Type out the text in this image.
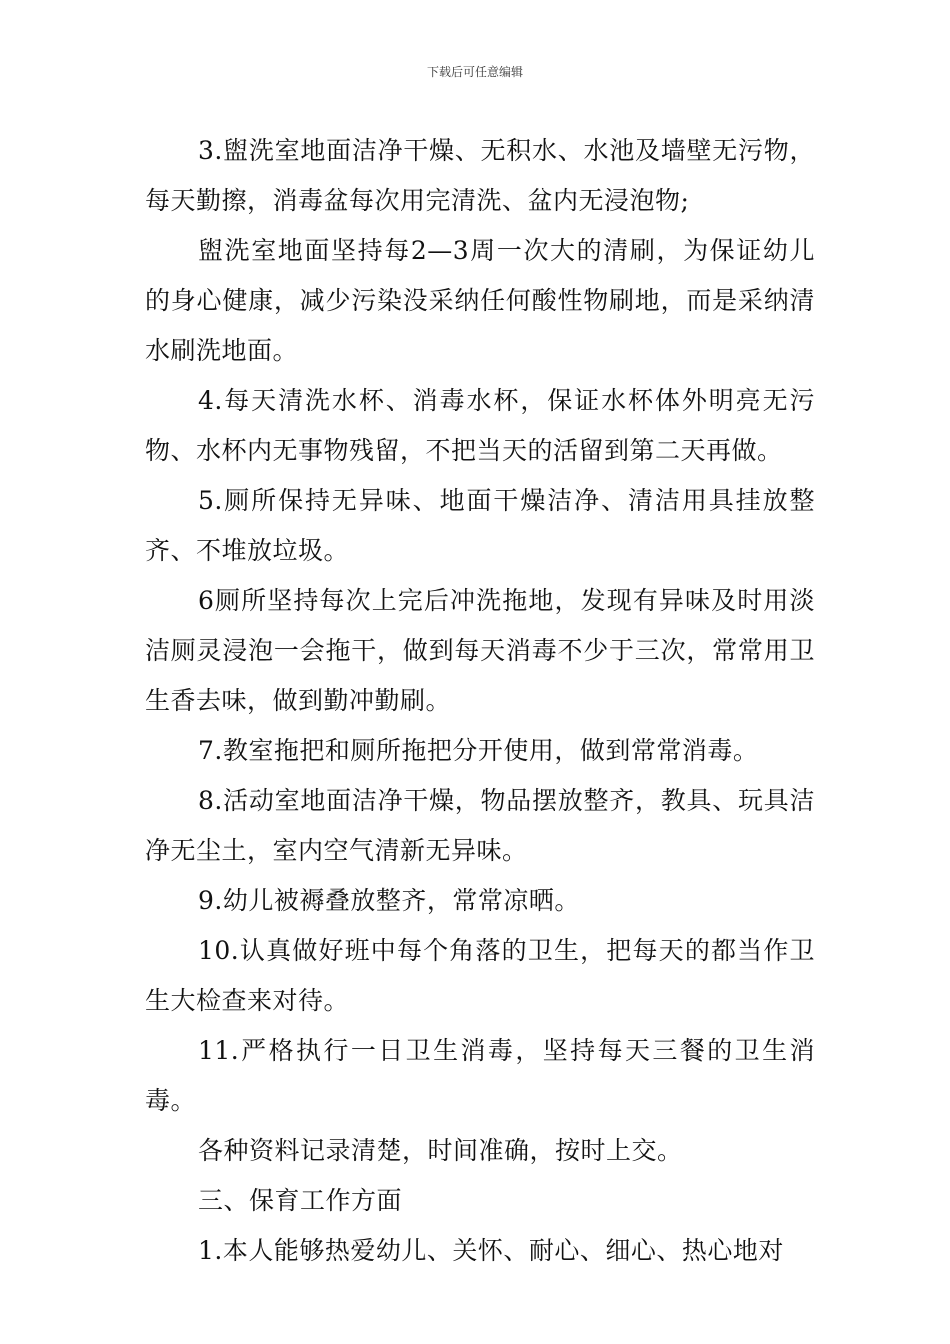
下载后可任意编辑

3.盥洗室地面洁净干燥、无积水、水池及墙壁无污物，每天勤擦，消毒盆每次用完清洗、盆内无浸泡物;

盥洗室地面坚持每2—3周一次大的清刷，为保证幼儿的身心健康，减少污染没采纳任何酸性物刷地，而是采纳清水刷洗地面。

4.每天清洗水杯、消毒水杯，保证水杯体外明亮无污物、水杯内无事物残留，不把当天的活留到第二天再做。

5.厕所保持无异味、地面干燥洁净、清洁用具挂放整齐、不堆放垃圾。

6厕所坚持每次上完后冲洗拖地，发现有异味及时用淡洁厕灵浸泡一会拖干，做到每天消毒不少于三次，常常用卫生香去味，做到勤冲勤刷。

7.教室拖把和厕所拖把分开使用，做到常常消毒。

8.活动室地面洁净干燥，物品摆放整齐，教具、玩具洁净无尘土，室内空气清新无异味。

9.幼儿被褥叠放整齐，常常凉晒。

10.认真做好班中每个角落的卫生，把每天的都当作卫生大检查来对待。

11.严格执行一日卫生消毒，坚持每天三餐的卫生消毒。

各种资料记录清楚，时间准确，按时上交。

三、保育工作方面

1.本人能够热爱幼儿、关怀、耐心、细心、热心地对
